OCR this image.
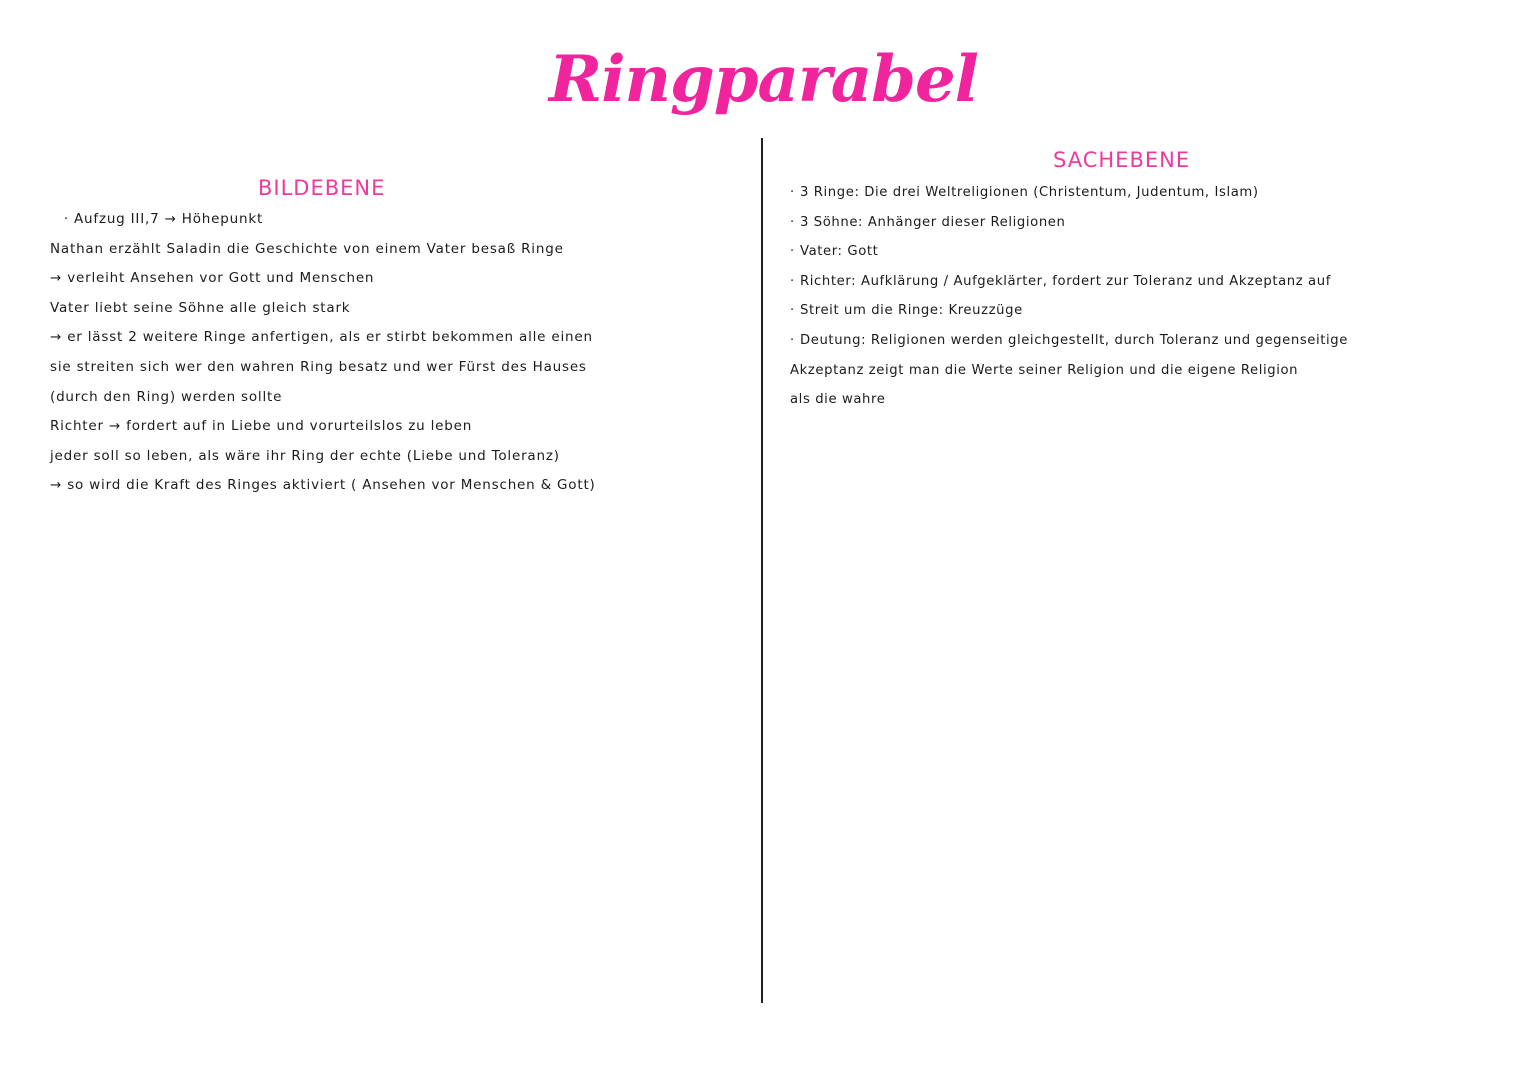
Ringparabel
BILDEBENE
· Aufzug III,7 → Höhepunkt
Nathan erzählt Saladin die Geschichte von einem Vater besaß Ringe
→ verleiht Ansehen vor Gott und Menschen
Vater liebt seine Söhne alle gleich stark
→ er lässt 2 weitere Ringe anfertigen, als er stirbt bekommen alle einen
sie streiten sich wer den wahren Ring besatz und wer Fürst des Hauses
(durch den Ring) werden sollte
Richter → fordert auf in Liebe und vorurteilslos zu leben
jeder soll so leben, als wäre ihr Ring der echte (Liebe und Toleranz)
→ so wird die Kraft des Ringes aktiviert ( Ansehen vor Menschen & Gott)
SACHEBENE
· 3 Ringe: Die drei Weltreligionen (Christentum, Judentum, Islam)
· 3 Söhne: Anhänger dieser Religionen
· Vater: Gott
· Richter: Aufklärung / Aufgeklärter, fordert zur Toleranz und Akzeptanz auf
· Streit um die Ringe: Kreuzzüge
· Deutung: Religionen werden gleichgestellt, durch Toleranz und gegenseitige
Akzeptanz zeigt man die Werte seiner Religion und die eigene Religion
als die wahre
